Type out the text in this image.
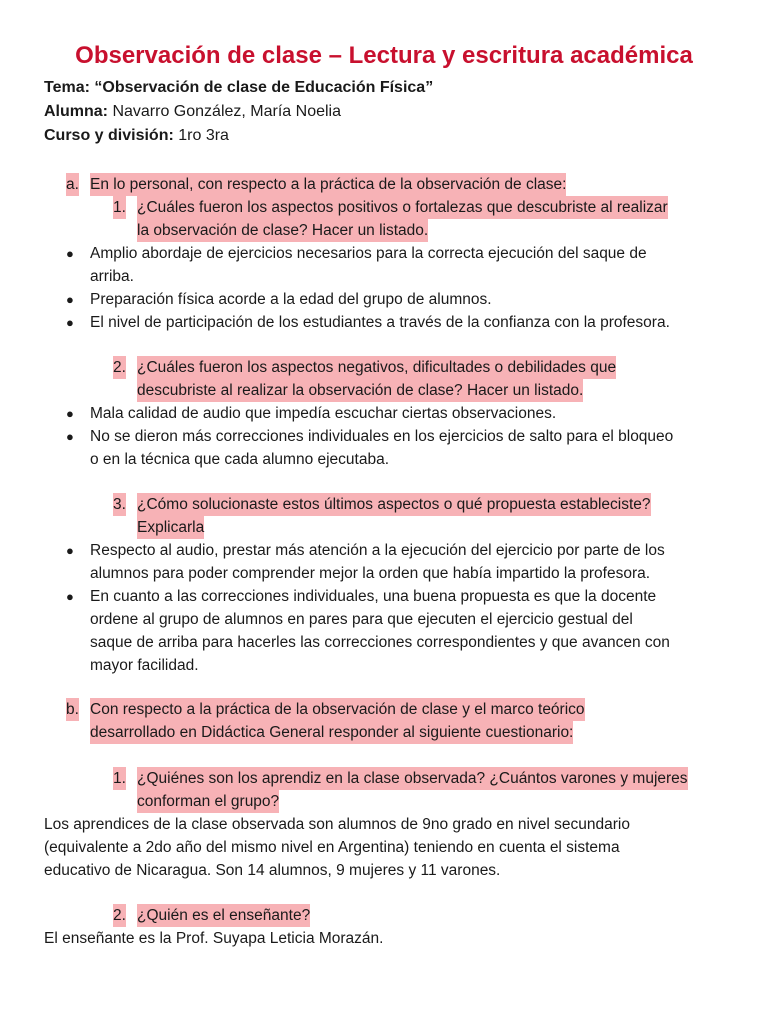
Observación de clase – Lectura y escritura académica
Tema: “Observación de clase de Educación Física”
Alumna: Navarro González, María Noelia
Curso y división: 1ro 3ra
a. En lo personal, con respecto a la práctica de la observación de clase:
1. ¿Cuáles fueron los aspectos positivos o fortalezas que descubriste al realizar
la observación de clase? Hacer un listado.
● Amplio abordaje de ejercicios necesarios para la correcta ejecución del saque de
arriba.
● Preparación física acorde a la edad del grupo de alumnos.
● El nivel de participación de los estudiantes a través de la confianza con la profesora.
2. ¿Cuáles fueron los aspectos negativos, dificultades o debilidades que
descubriste al realizar la observación de clase? Hacer un listado.
● Mala calidad de audio que impedía escuchar ciertas observaciones.
● No se dieron más correcciones individuales en los ejercicios de salto para el bloqueo
o en la técnica que cada alumno ejecutaba.
3. ¿Cómo solucionaste estos últimos aspectos o qué propuesta estableciste?
Explicarla
● Respecto al audio, prestar más atención a la ejecución del ejercicio por parte de los
alumnos para poder comprender mejor la orden que había impartido la profesora.
● En cuanto a las correcciones individuales, una buena propuesta es que la docente
ordene al grupo de alumnos en pares para que ejecuten el ejercicio gestual del
saque de arriba para hacerles las correcciones correspondientes y que avancen con
mayor facilidad.
b. Con respecto a la práctica de la observación de clase y el marco teórico
desarrollado en Didáctica General responder al siguiente cuestionario:
1. ¿Quiénes son los aprendiz en la clase observada? ¿Cuántos varones y mujeres
conforman el grupo?
Los aprendices de la clase observada son alumnos de 9no grado en nivel secundario
(equivalente a 2do año del mismo nivel en Argentina) teniendo en cuenta el sistema
educativo de Nicaragua. Son 14 alumnos, 9 mujeres y 11 varones.
2. ¿Quién es el enseñante?
El enseñante es la Prof. Suyapa Leticia Morazán.
